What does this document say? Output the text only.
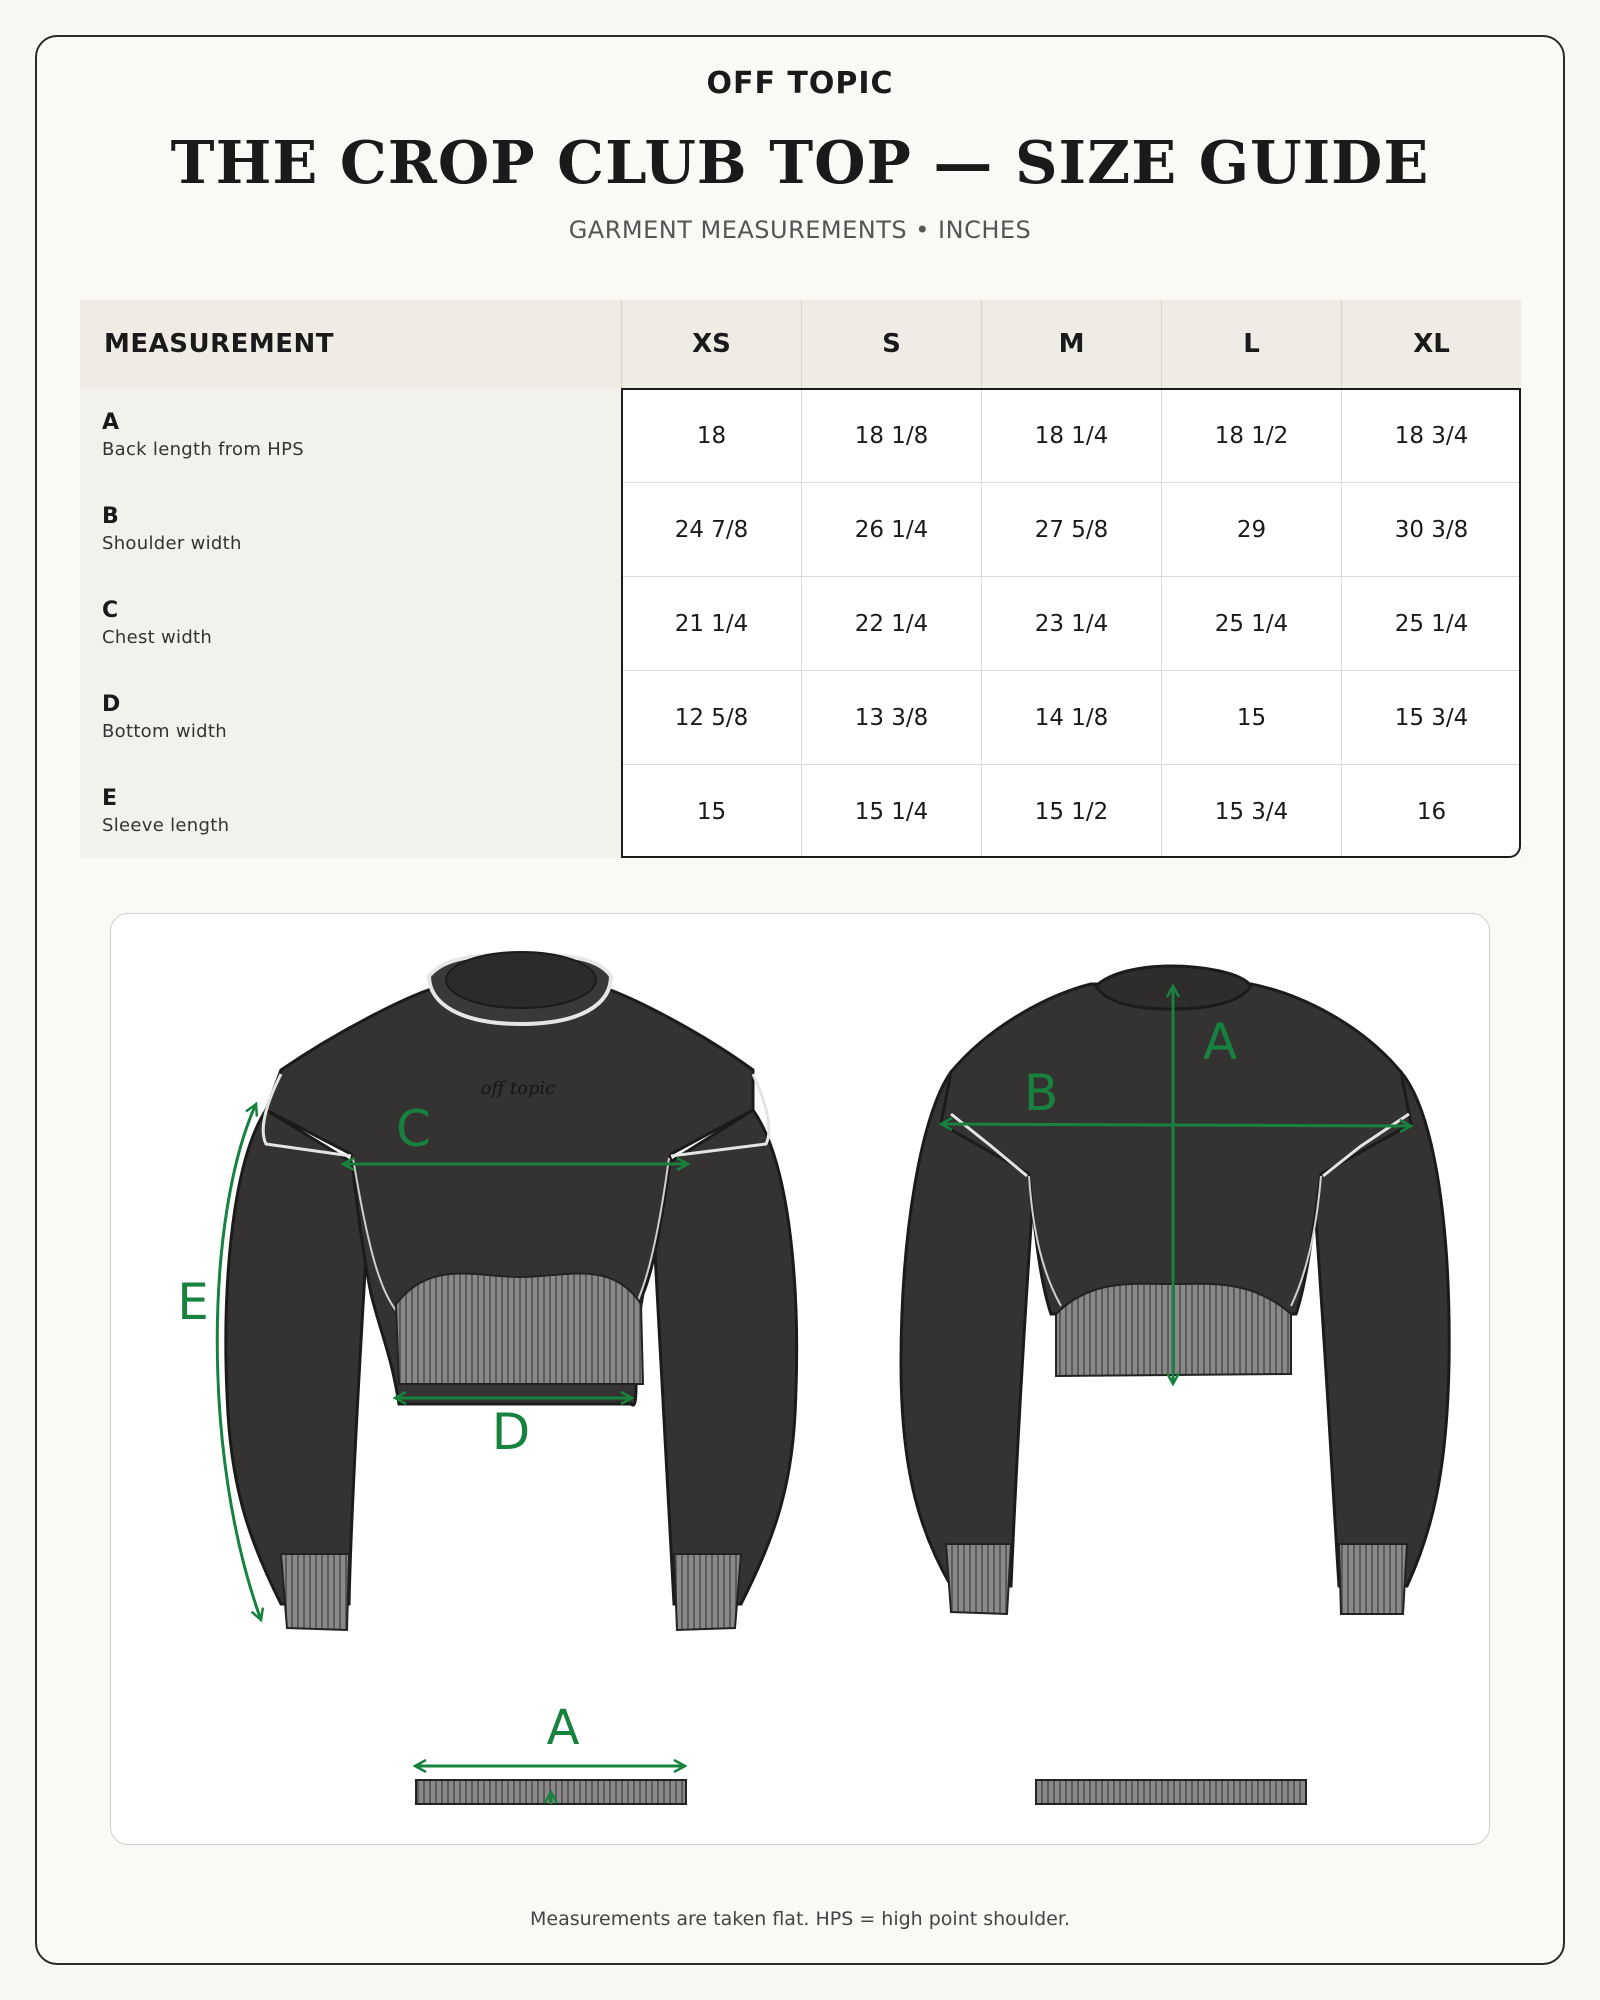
OFF TOPIC
THE CROP CLUB TOP — SIZE GUIDE
GARMENT MEASUREMENTS • INCHES
MEASUREMENT	XS	S	M	L	XL
A
Back length from HPS
18	18 1/8	18 1/4	18 1/2	18 3/4
B
Shoulder width
24 7/8	26 1/4	27 5/8	29	30 3/8
C
Chest width
21 1/4	22 1/4	23 1/4	25 1/4	25 1/4
D
Bottom width
12 5/8	13 3/8	14 1/8	15	15 3/4
E
Sleeve length
15	15 1/4	15 1/2	15 3/4	16
off topic
C
D
E
A
B
A
Measurements are taken flat. HPS = high point shoulder.
